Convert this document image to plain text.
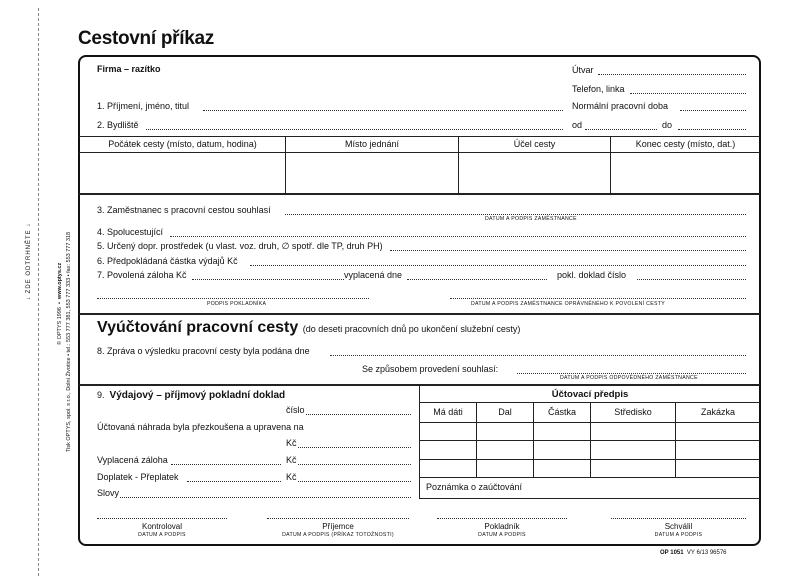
↓ ZDE ODTRHNĚTE ↓
© OPTYS 1996  •  www.optys.cz Tisk OPTYS, spol. s r.o., Dolní Životice • tel.: 553 777 381, 553 777 333 • fax: 553 777 318
Cestovní příkaz
Firma – razítko	Útvar
Telefon, linka
1. Příjmení, jméno, titul	Normální pracovní doba
2. Bydliště	od	do
Počátek cesty (místo, datum, hodina)	Místo jednání	Účel cesty	Konec cesty (místo, dat.)
3. Zaměstnanec s pracovní cestou souhlasí
DATUM A PODPIS ZAMĚSTNANCE
4. Spolucestující
5. Určený dopr. prostředek (u vlast. voz. druh, ∅ spotř. dle TP, druh PH)
6. Předpokládaná částka výdajů Kč
7. Povolená záloha Kč	vyplacená dne	pokl. doklad číslo
PODPIS POKLADNÍKA	DATUM A PODPIS ZAMĚSTNANCE OPRÁVNĚNÉHO K POVOLENÍ CESTY
Vyúčtování pracovní cesty (do deseti pracovních dnů po ukončení služební cesty)
8. Zpráva o výsledku pracovní cesty byla podána dne
Se způsobem provedení souhlasí:
DATUM A PODPIS ODPOVĚDNÉHO ZAMĚSTNANCE
9. Výdajový – příjmový pokladní doklad
číslo
Účtovaná náhrada byla přezkoušena a upravena na
Kč
Vyplacená záloha	Kč
Doplatek - Přeplatek	Kč
Slovy
Účtovací předpis
Má dáti	Dal	Částka	Středisko	Zakázka
Poznámka o zaúčtování
Kontroloval
DATUM A PODPIS
Příjemce
DATUM A PODPIS (PŘÍKAZ TOTOŽNOSTI)
Pokladník
DATUM A PODPIS
Schválil
DATUM A PODPIS
OP 1051 VY 6/13 96576
